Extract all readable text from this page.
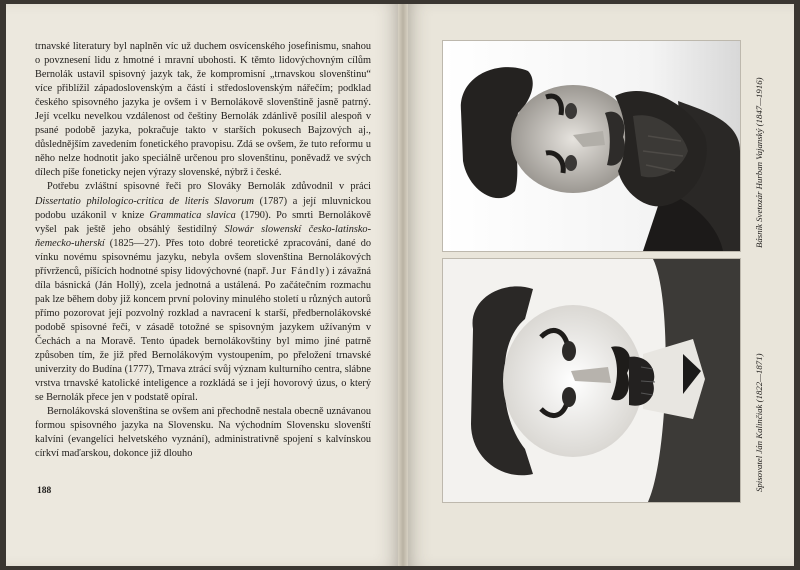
trnavské literatury byl naplněn víc už duchem osvícenského josefinismu, snahou o povznesení lidu z hmotné i mravní ubohosti. K těmto lidovýchovným cílům Bernolák ustavil spisovný jazyk tak, že kompromisní „trnavskou slovenštinu“ více přiblížil západoslovenským a částí i středoslovenským nářečím; podklad českého spisovného jazyka je ovšem i v Bernolákově slovenštině jasně patrný. Její vcelku nevelkou vzdálenost od češtiny Bernolák zdánlivě posílil alespoň v psané podobě jazyka, pokračuje takto v starších pokusech Bajzových aj., důslednějším zavedením fonetického pravopisu. Zdá se ovšem, že tuto reformu u něho nelze hodnotit jako speciálně určenou pro slovenštinu, poněvadž ve svých dílech píše foneticky nejen výrazy slovenské, nýbrž i české.

Potřebu zvláštní spisovné řeči pro Slováky Bernolák zdůvodnil v práci Dissertatio philologico-critica de literis Slavorum (1787) a její mluvnickou podobu uzákonil v knize Grammatica slavica (1790). Po smrti Bernolákově vyšel pak ještě jeho obsáhlý šestidílný Slowár slowenskí česko-latinsko-ňemecko-uherskí (1825—27). Přes toto dobré teoretické zpracování, dané do vínku novému spisovnému jazyku, nebyla ovšem slovenština Bernolákových přívrženců, píšících hodnotné spisy lidovýchovné (např. Jur Fándly) i závažná díla básnická (Ján Hollý), zcela jednotná a ustálená. Po začátečním rozmachu pak lze během doby již koncem první poloviny minulého století u různých autorů přímo pozorovat její pozvolný rozklad a navracení k starší, předbernolákovské podobě spisovné řeči, v zásadě totožné se spisovným jazykem užívaným v Čechách a na Moravě. Tento úpadek bernolákovštiny byl mimo jiné patrně způsoben tím, že již před Bernolákovým vystoupením, po přeložení trnavské univerzity do Budína (1777), Trnava ztrácí svůj význam kulturního centra, slábne vrstva trnavské katolické inteligence a rozkládá se i její hovorový úzus, o který se Bernolák přece jen v podstatě opíral.

Bernolákovská slovenština se ovšem ani přechodně nestala obecně uznávanou formou spisovného jazyka na Slovensku. Na východním Slovensku slovenští kalvíni (evangelíci helvetského vyznání), administrativně spojení s kalvínskou církví maďarskou, dokonce již dlouho

188
Básník Svetozár Hurban Vajanský (1847—1916)
Spisovatel Ján Kalinčiak (1822—1871)
